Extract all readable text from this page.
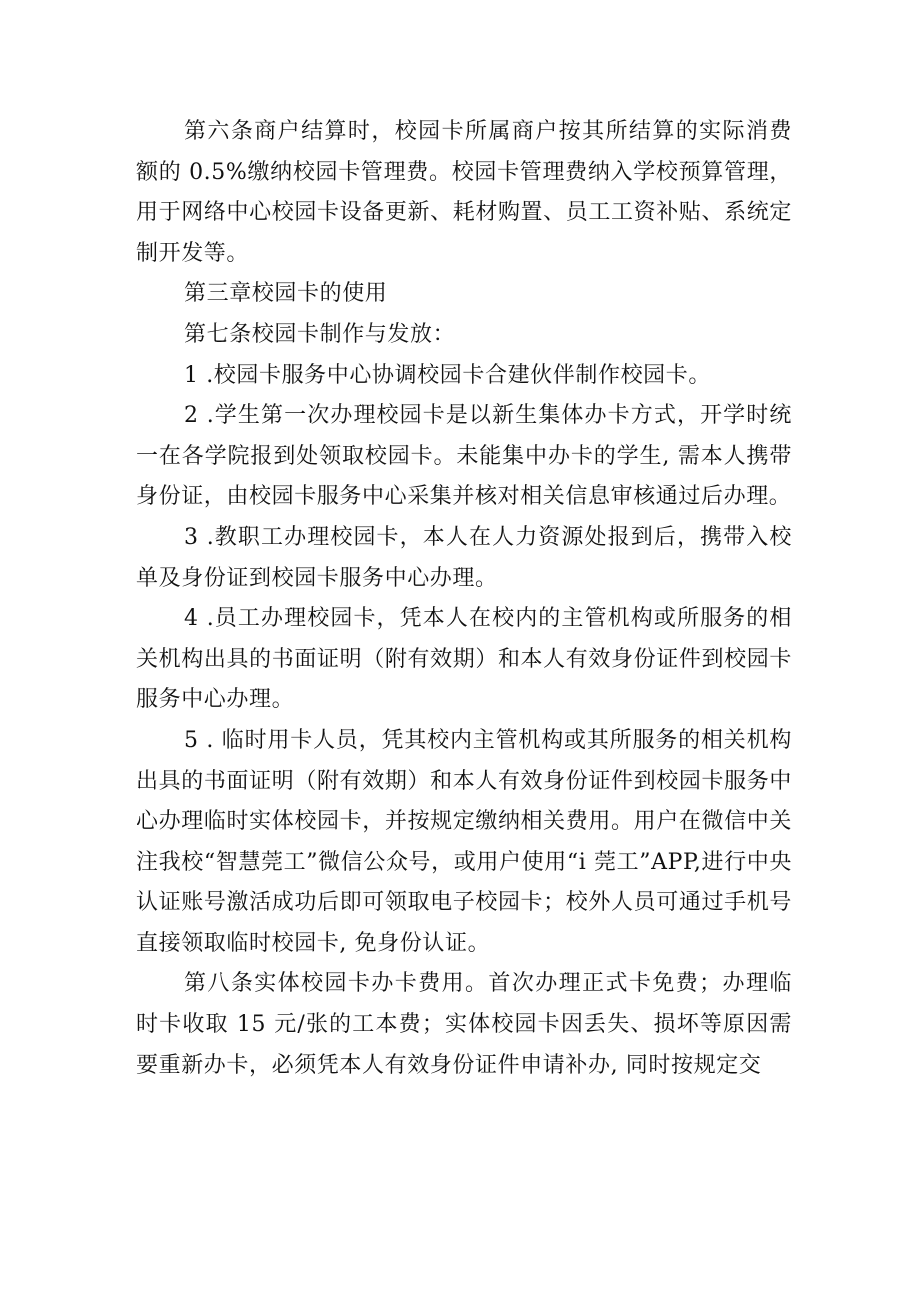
第六条商户结算时，校园卡所属商户按其所结算的实际消费额的 0.5%缴纳校园卡管理费。校园卡管理费纳入学校预算管理，用于网络中心校园卡设备更新、耗材购置、员工工资补贴、系统定制开发等。

第三章校园卡的使用

第七条校园卡制作与发放：

1 .校园卡服务中心协调校园卡合建伙伴制作校园卡。

2 .学生第一次办理校园卡是以新生集体办卡方式，开学时统一在各学院报到处领取校园卡。未能集中办卡的学生, 需本人携带身份证，由校园卡服务中心采集并核对相关信息审核通过后办理。

3 .教职工办理校园卡，本人在人力资源处报到后，携带入校单及身份证到校园卡服务中心办理。

4 .员工办理校园卡，凭本人在校内的主管机构或所服务的相关机构出具的书面证明（附有效期）和本人有效身份证件到校园卡服务中心办理。

5 . 临时用卡人员，凭其校内主管机构或其所服务的相关机构出具的书面证明（附有效期）和本人有效身份证件到校园卡服务中心办理临时实体校园卡，并按规定缴纳相关费用。用户在微信中关注我校“智慧莞工”微信公众号，或用户使用“i 莞工”APP,进行中央认证账号激活成功后即可领取电子校园卡；校外人员可通过手机号直接领取临时校园卡, 免身份认证。

第八条实体校园卡办卡费用。首次办理正式卡免费；办理临时卡收取 15 元/张的工本费；实体校园卡因丢失、损坏等原因需要重新办卡，必须凭本人有效身份证件申请补办, 同时按规定交
